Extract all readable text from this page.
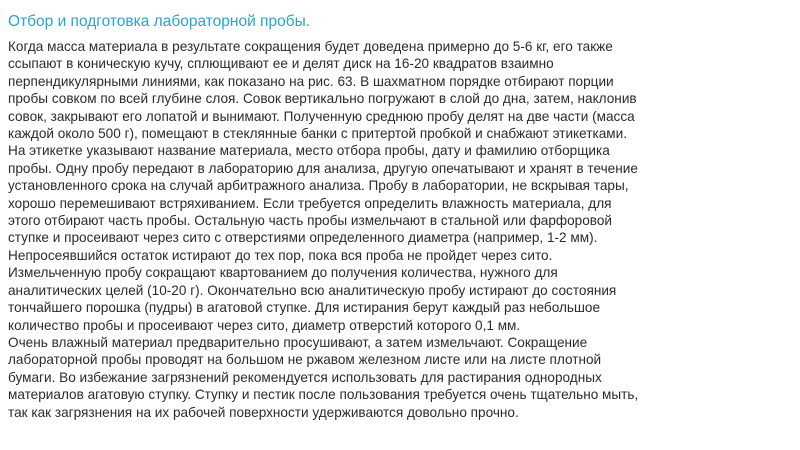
Отбор и подготовка лабораторной пробы.
Когда масса материала в результате сокращения будет доведена примерно до 5-6 кг, его также
ссыпают в коническую кучу, сплющивают ее и делят диск на 16-20 квадратов взаимно
перпендикулярными линиями, как показано на рис. 63. В шахматном порядке отбирают порции
пробы совком по всей глубине слоя. Совок вертикально погружают в слой до дна, затем, наклонив
совок, закрывают его лопатой и вынимают. Полученную среднюю пробу делят на две части (масса
каждой около 500 г), помещают в стеклянные банки с притертой пробкой и снабжают этикетками.
На этикетке указывают название материала, место отбора пробы, дату и фамилию отборщика
пробы. Одну пробу передают в лабораторию для анализа, другую опечатывают и хранят в течение
установленного срока на случай арбитражного анализа. Пробу в лаборатории, не вскрывая тары,
хорошо перемешивают встряхиванием. Если требуется определить влажность материала, для
этого отбирают часть пробы. Остальную часть пробы измельчают в стальной или фарфоровой
ступке и просеивают через сито с отверстиями определенного диаметра (например, 1-2 мм).
Непросеявшийся остаток истирают до тех пор, пока вся проба не пройдет через сито.
Измельченную пробу сокращают квартованием до получения количества, нужного для
аналитических целей (10-20 г). Окончательно всю аналитическую пробу истирают до состояния
тончайшего порошка (пудры) в агатовой ступке. Для истирания берут каждый раз небольшое
количество пробы и просеивают через сито, диаметр отверстий которого 0,1 мм.
Очень влажный материал предварительно просушивают, а затем измельчают. Сокращение
лабораторной пробы проводят на большом не ржавом железном листе или на листе плотной
бумаги. Во избежание загрязнений рекомендуется использовать для растирания однородных
материалов агатовую ступку. Ступку и пестик после пользования требуется очень тщательно мыть,
так как загрязнения на их рабочей поверхности удерживаются довольно прочно.
